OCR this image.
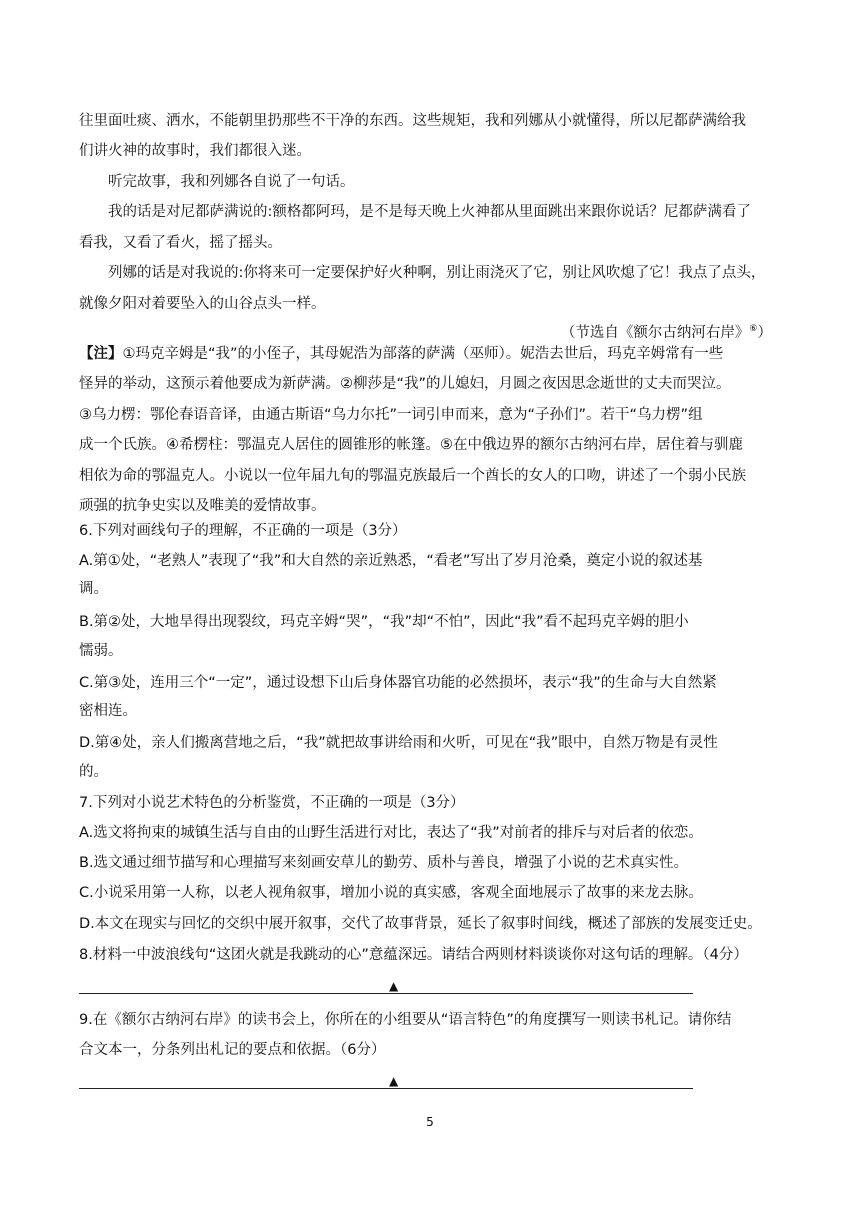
往里面吐痰、洒水，不能朝里扔那些不干净的东西。这些规矩，我和列娜从小就懂得，所以尼都萨满给我
们讲火神的故事时，我们都很入迷。
听完故事，我和列娜各自说了一句话。
我的话是对尼都萨满说的:额格都阿玛，是不是每天晚上火神都从里面跳出来跟你说话？尼都萨满看了
看我，又看了看火，摇了摇头。
列娜的话是对我说的:你将来可一定要保护好火种啊，别让雨浇灭了它，别让风吹熄了它！我点了点头，
就像夕阳对着要坠入的山谷点头一样。
（节选自《额尔古纳河右岸》⑥）
【注】①玛克辛姆是“我”的小侄子，其母妮浩为部落的萨满（巫师）。妮浩去世后，玛克辛姆常有一些
怪异的举动，这预示着他要成为新萨满。②柳莎是“我”的儿媳妇，月圆之夜因思念逝世的丈夫而哭泣。
③乌力楞：鄂伦春语音译，由通古斯语“乌力尔托”一词引申而来，意为“子孙们”。若干“乌力楞”组
成一个氏族。④希楞柱：鄂温克人居住的圆锥形的帐篷。⑤在中俄边界的额尔古纳河右岸，居住着与驯鹿
相依为命的鄂温克人。小说以一位年届九旬的鄂温克族最后一个酋长的女人的口吻，讲述了一个弱小民族
顽强的抗争史实以及唯美的爱情故事。
6.下列对画线句子的理解，不正确的一项是（3分）
A.第①处，“老熟人”表现了“我”和大自然的亲近熟悉，“看老”写出了岁月沧桑，奠定小说的叙述基
调。
B.第②处，大地旱得出现裂纹，玛克辛姆“哭”，“我”却“不怕”，因此“我”看不起玛克辛姆的胆小
懦弱。
C.第③处，连用三个“一定”，通过设想下山后身体器官功能的必然损坏，表示“我”的生命与大自然紧
密相连。
D.第④处，亲人们搬离营地之后，“我”就把故事讲给雨和火听，可见在“我”眼中，自然万物是有灵性
的。
7.下列对小说艺术特色的分析鉴赏，不正确的一项是（3分）
A.选文将拘束的城镇生活与自由的山野生活进行对比，表达了“我”对前者的排斥与对后者的依恋。
B.选文通过细节描写和心理描写来刻画安草儿的勤劳、质朴与善良，增强了小说的艺术真实性。
C.小说采用第一人称，以老人视角叙事，增加小说的真实感，客观全面地展示了故事的来龙去脉。
D.本文在现实与回忆的交织中展开叙事，交代了故事背景，延长了叙事时间线，概述了部族的发展变迁史。
8.材料一中波浪线句“这团火就是我跳动的心”意蕴深远。请结合两则材料谈谈你对这句话的理解。（4分）
▲
9.在《额尔古纳河右岸》的读书会上，你所在的小组要从“语言特色”的角度撰写一则读书札记。请你结
合文本一，分条列出札记的要点和依据。（6分）
▲
5
